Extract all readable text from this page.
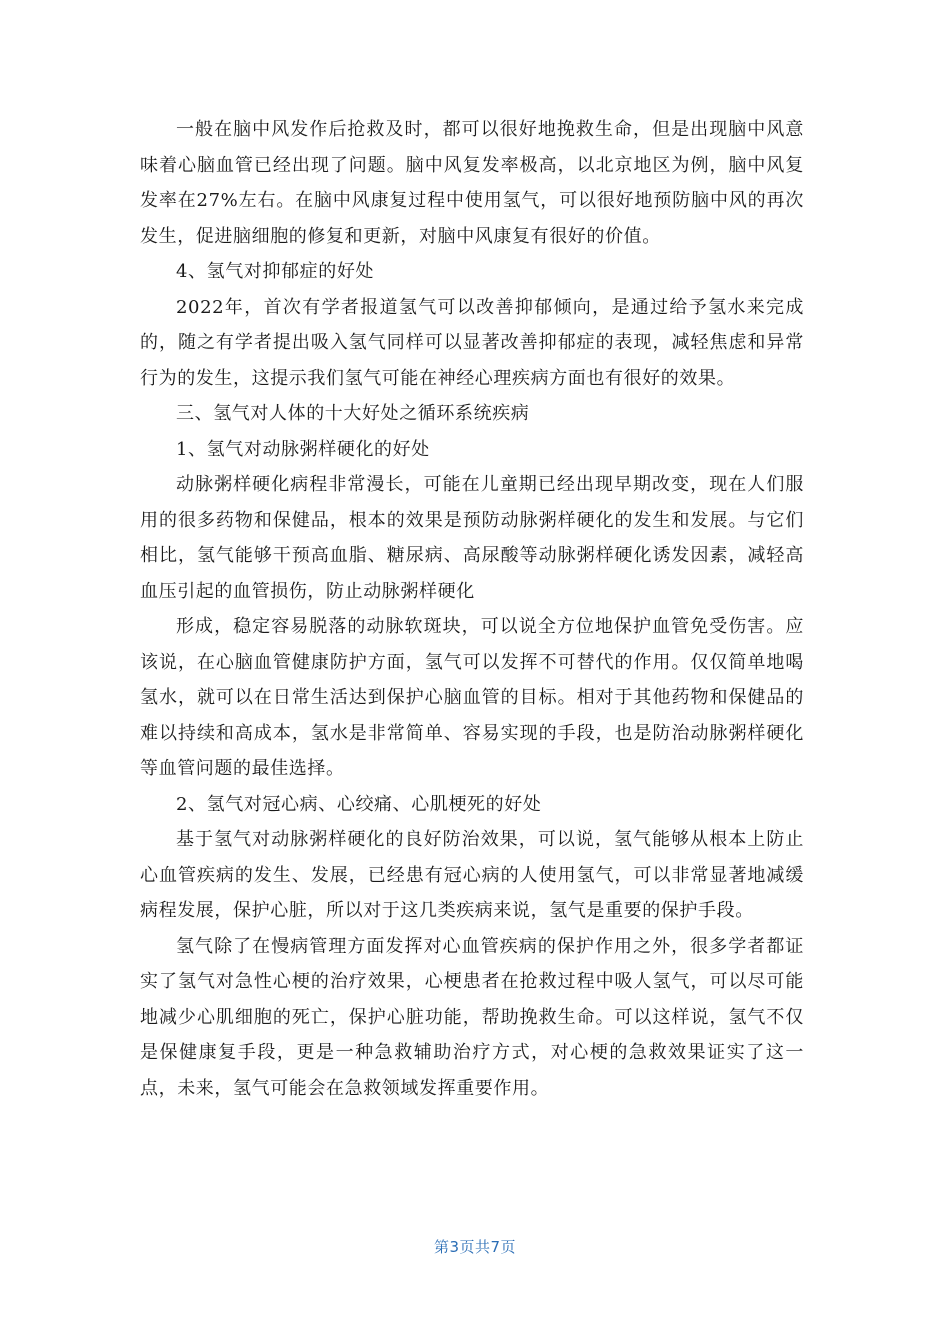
一般在脑中风发作后抢救及时，都可以很好地挽救生命，但是出现脑中风意味着心脑血管已经出现了问题。脑中风复发率极高，以北京地区为例，脑中风复发率在27%左右。在脑中风康复过程中使用氢气，可以很好地预防脑中风的再次发生，促进脑细胞的修复和更新，对脑中风康复有很好的价值。

4、氢气对抑郁症的好处

2022年，首次有学者报道氢气可以改善抑郁倾向，是通过给予氢水来完成的，随之有学者提出吸入氢气同样可以显著改善抑郁症的表现，减轻焦虑和异常行为的发生，这提示我们氢气可能在神经心理疾病方面也有很好的效果。

三、氢气对人体的十大好处之循环系统疾病

1、氢气对动脉粥样硬化的好处

动脉粥样硬化病程非常漫长，可能在儿童期已经出现早期改变，现在人们服用的很多药物和保健品，根本的效果是预防动脉粥样硬化的发生和发展。与它们相比，氢气能够干预高血脂、糖尿病、高尿酸等动脉粥样硬化诱发因素，减轻高血压引起的血管损伤，防止动脉粥样硬化

形成，稳定容易脱落的动脉软斑块，可以说全方位地保护血管免受伤害。应该说，在心脑血管健康防护方面，氢气可以发挥不可替代的作用。仅仅简单地喝氢水，就可以在日常生活达到保护心脑血管的目标。相对于其他药物和保健品的难以持续和高成本，氢水是非常简单、容易实现的手段，也是防治动脉粥样硬化等血管问题的最佳选择。

2、氢气对冠心病、心绞痛、心肌梗死的好处

基于氢气对动脉粥样硬化的良好防治效果，可以说，氢气能够从根本上防止心血管疾病的发生、发展，已经患有冠心病的人使用氢气，可以非常显著地减缓病程发展，保护心脏，所以对于这几类疾病来说，氢气是重要的保护手段。

氢气除了在慢病管理方面发挥对心血管疾病的保护作用之外，很多学者都证实了氢气对急性心梗的治疗效果，心梗患者在抢救过程中吸人氢气，可以尽可能地减少心肌细胞的死亡，保护心脏功能，帮助挽救生命。可以这样说，氢气不仅是保健康复手段，更是一种急救辅助治疗方式，对心梗的急救效果证实了这一点，未来，氢气可能会在急救领域发挥重要作用。

第3页共7页
